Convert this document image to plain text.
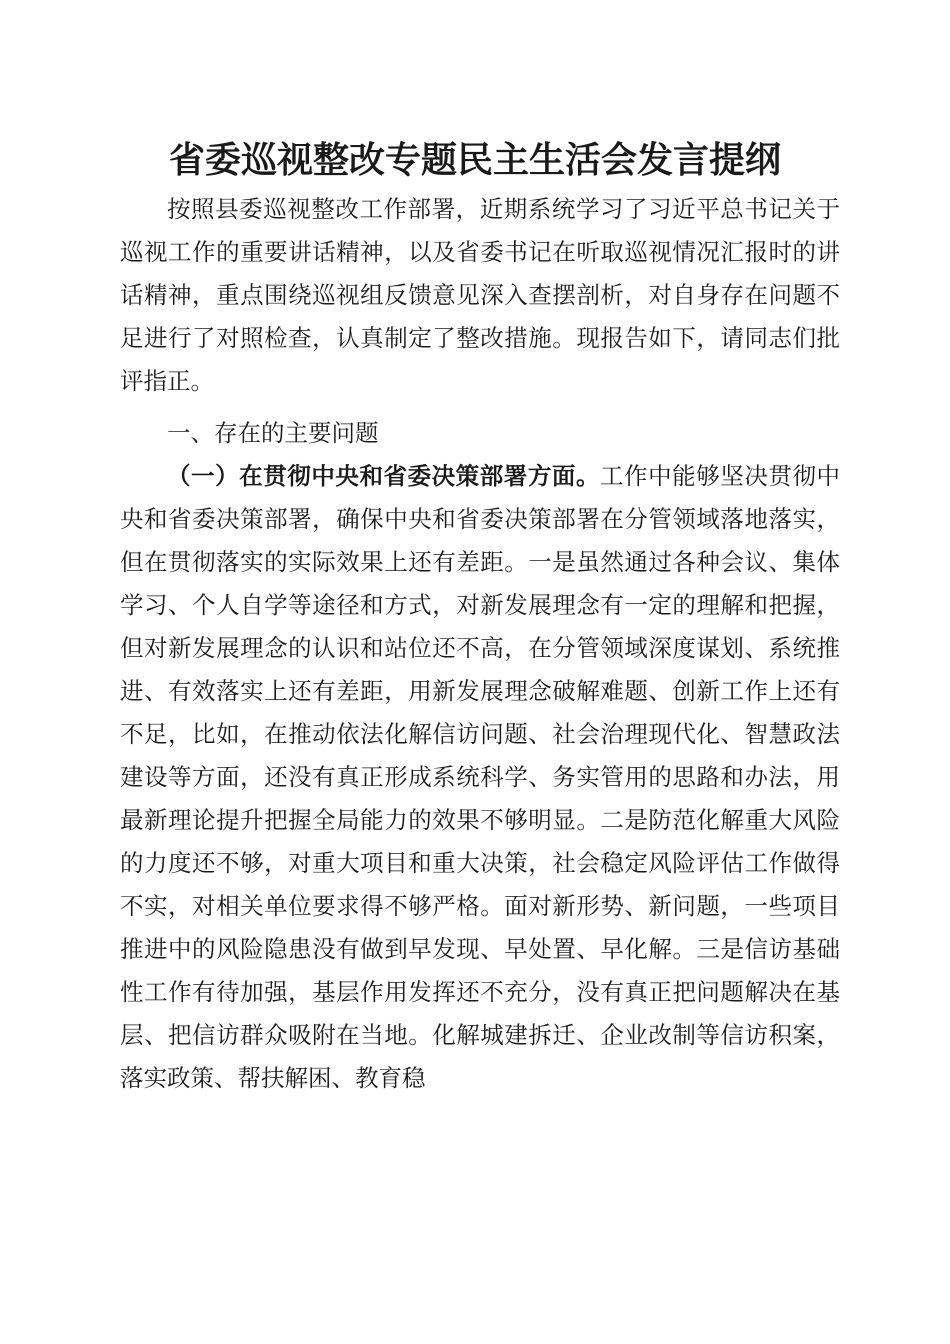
省委巡视整改专题民主生活会发言提纲

按照县委巡视整改工作部署，近期系统学习了习近平总书记关于巡视工作的重要讲话精神，以及省委书记在听取巡视情况汇报时的讲话精神，重点围绕巡视组反馈意见深入查摆剖析，对自身存在问题不足进行了对照检查，认真制定了整改措施。现报告如下，请同志们批评指正。

一、存在的主要问题

（一）在贯彻中央和省委决策部署方面。工作中能够坚决贯彻中央和省委决策部署，确保中央和省委决策部署在分管领域落地落实，但在贯彻落实的实际效果上还有差距。一是虽然通过各种会议、集体学习、个人自学等途径和方式，对新发展理念有一定的理解和把握，但对新发展理念的认识和站位还不高，在分管领域深度谋划、系统推进、有效落实上还有差距，用新发展理念破解难题、创新工作上还有不足，比如，在推动依法化解信访问题、社会治理现代化、智慧政法建设等方面，还没有真正形成系统科学、务实管用的思路和办法，用最新理论提升把握全局能力的效果不够明显。二是防范化解重大风险的力度还不够，对重大项目和重大决策，社会稳定风险评估工作做得不实，对相关单位要求得不够严格。面对新形势、新问题，一些项目推进中的风险隐患没有做到早发现、早处置、早化解。三是信访基础性工作有待加强，基层作用发挥还不充分，没有真正把问题解决在基层、把信访群众吸附在当地。化解城建拆迁、企业改制等信访积案，落实政策、帮扶解困、教育稳
